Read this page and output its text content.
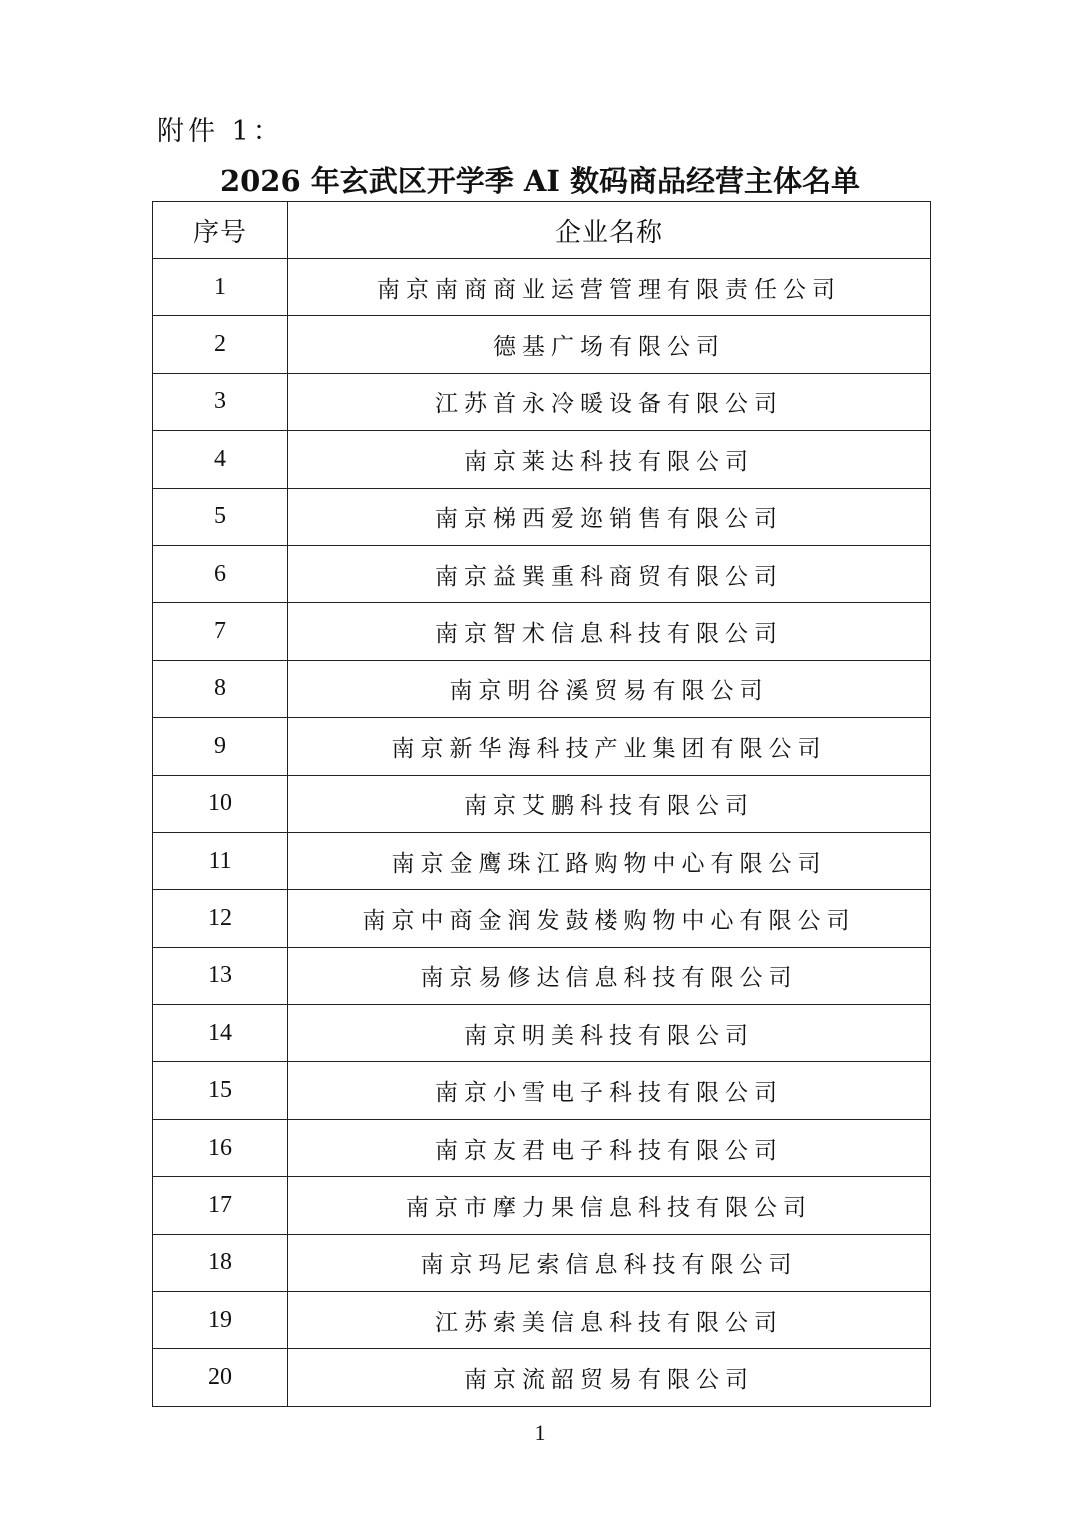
附件 1：
2026 年玄武区开学季 AI 数码商品经营主体名单
序号	企业名称
1	南京南商商业运营管理有限责任公司
2	德基广场有限公司
3	江苏首永冷暖设备有限公司
4	南京莱达科技有限公司
5	南京梯西爱迩销售有限公司
6	南京益巽重科商贸有限公司
7	南京智术信息科技有限公司
8	南京明谷溪贸易有限公司
9	南京新华海科技产业集团有限公司
10	南京艾鹏科技有限公司
11	南京金鹰珠江路购物中心有限公司
12	南京中商金润发鼓楼购物中心有限公司
13	南京易修达信息科技有限公司
14	南京明美科技有限公司
15	南京小雪电子科技有限公司
16	南京友君电子科技有限公司
17	南京市摩力果信息科技有限公司
18	南京玛尼索信息科技有限公司
19	江苏索美信息科技有限公司
20	南京流韶贸易有限公司
1
